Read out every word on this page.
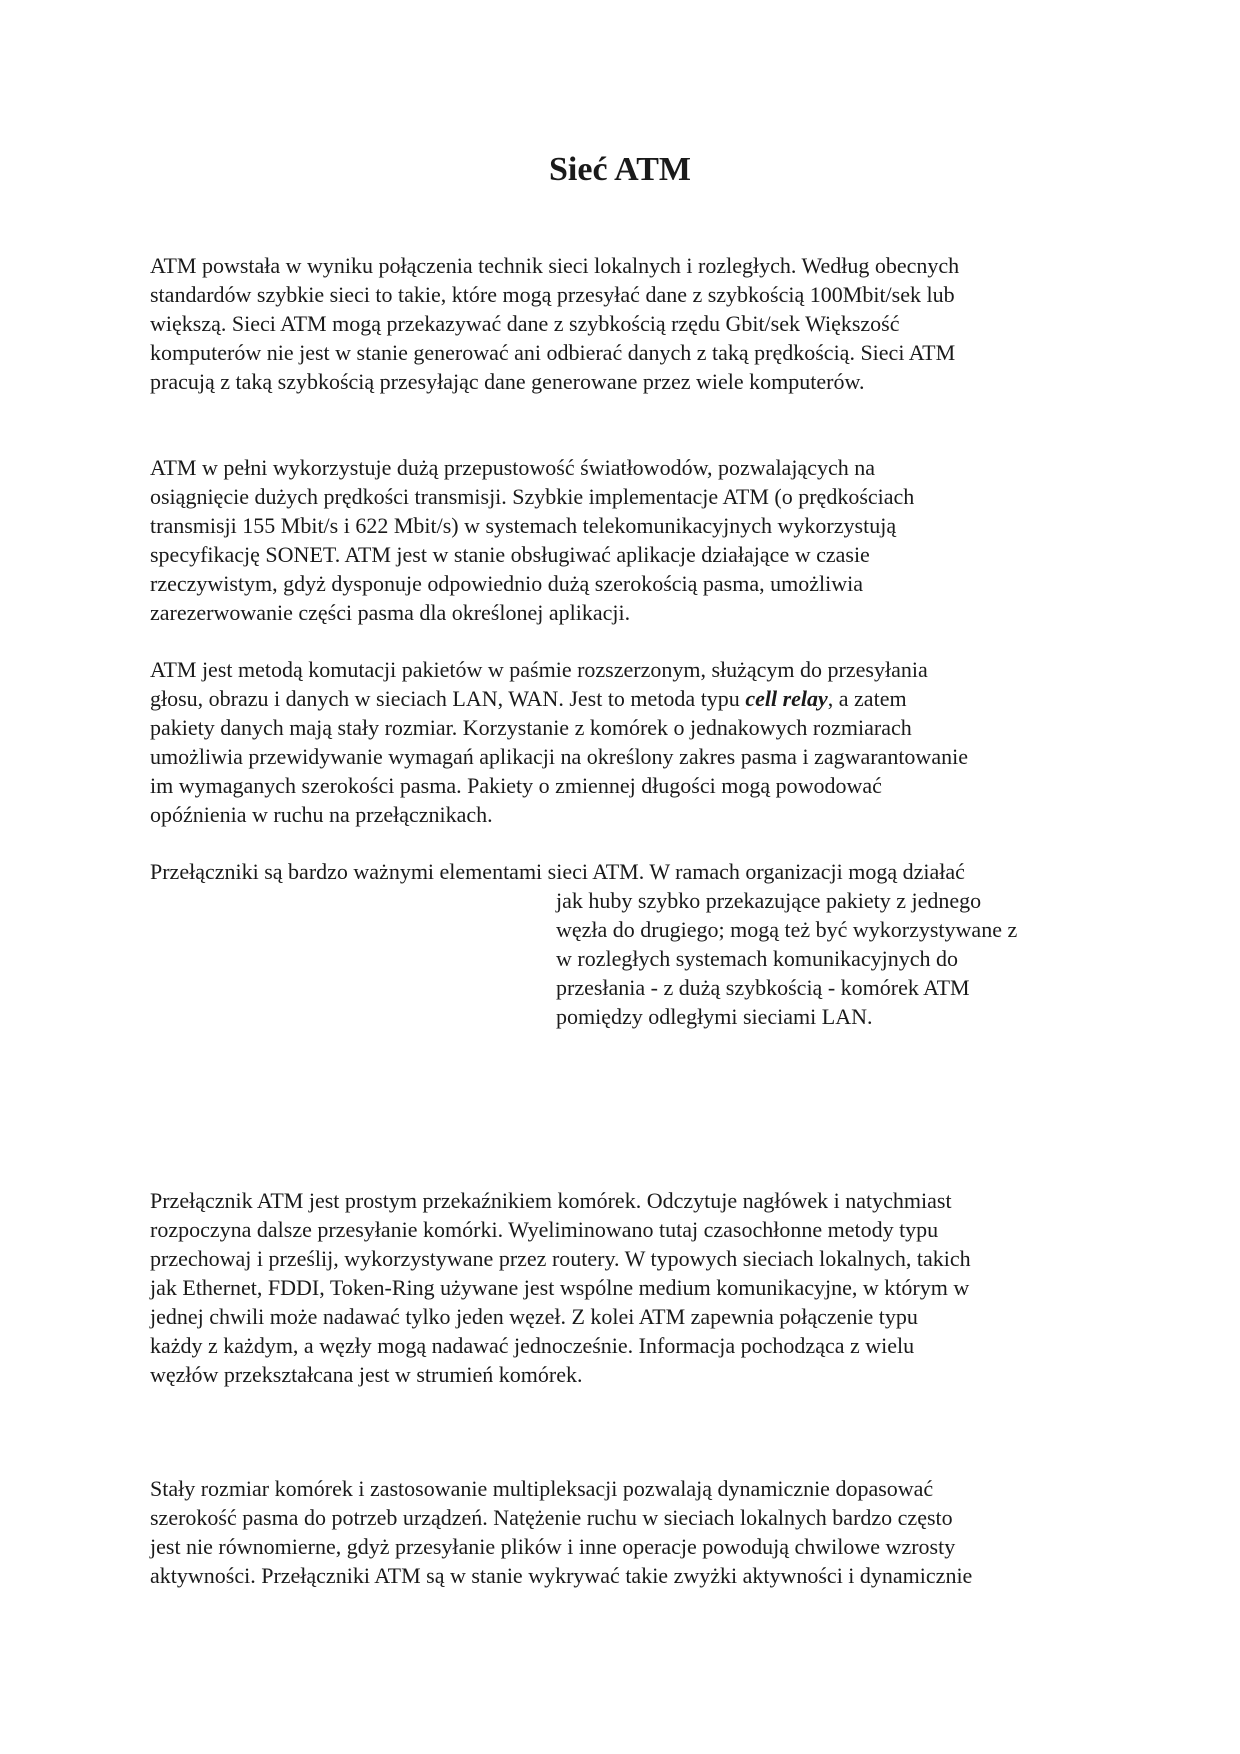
Sieć ATM

ATM powstała w wyniku połączenia technik sieci lokalnych i rozległych. Według obecnych
standardów szybkie sieci to takie, które mogą przesyłać dane z szybkością 100Mbit/sek lub
większą. Sieci ATM mogą przekazywać dane z szybkością rzędu Gbit/sek Większość
komputerów nie jest w stanie generować ani odbierać danych z taką prędkością. Sieci ATM
pracują z taką szybkością przesyłając dane generowane przez wiele komputerów.

ATM w pełni wykorzystuje dużą przepustowość światłowodów, pozwalających na
osiągnięcie dużych prędkości transmisji. Szybkie implementacje ATM (o prędkościach
transmisji 155 Mbit/s i 622 Mbit/s) w systemach telekomunikacyjnych wykorzystują
specyfikację SONET. ATM jest w stanie obsługiwać aplikacje działające w czasie
rzeczywistym, gdyż dysponuje odpowiednio dużą szerokością pasma, umożliwia
zarezerwowanie części pasma dla określonej aplikacji.

ATM jest metodą komutacji pakietów w paśmie rozszerzonym, służącym do przesyłania
głosu, obrazu i danych w sieciach LAN, WAN. Jest to metoda typu cell relay, a zatem
pakiety danych mają stały rozmiar. Korzystanie z komórek o jednakowych rozmiarach
umożliwia przewidywanie wymagań aplikacji na określony zakres pasma i zagwarantowanie
im wymaganych szerokości pasma. Pakiety o zmiennej długości mogą powodować
opóźnienia w ruchu na przełącznikach.

Przełączniki są bardzo ważnymi elementami sieci ATM. W ramach organizacji mogą działać
jak huby szybko przekazujące pakiety z jednego
węzła do drugiego; mogą też być wykorzystywane z
w rozległych systemach komunikacyjnych do
przesłania - z dużą szybkością - komórek ATM
pomiędzy odległymi sieciami LAN.

Przełącznik ATM jest prostym przekaźnikiem komórek. Odczytuje nagłówek i natychmiast
rozpoczyna dalsze przesyłanie komórki. Wyeliminowano tutaj czasochłonne metody typu
przechowaj i prześlij, wykorzystywane przez routery. W typowych sieciach lokalnych, takich
jak Ethernet, FDDI, Token-Ring używane jest wspólne medium komunikacyjne, w którym w
jednej chwili może nadawać tylko jeden węzeł. Z kolei ATM zapewnia połączenie typu
każdy z każdym, a węzły mogą nadawać jednocześnie. Informacja pochodząca z wielu
węzłów przekształcana jest w strumień komórek.

Stały rozmiar komórek i zastosowanie multipleksacji pozwalają dynamicznie dopasować
szerokość pasma do potrzeb urządzeń. Natężenie ruchu w sieciach lokalnych bardzo często
jest nie równomierne, gdyż przesyłanie plików i inne operacje powodują chwilowe wzrosty
aktywności. Przełączniki ATM są w stanie wykrywać takie zwyżki aktywności i dynamicznie
